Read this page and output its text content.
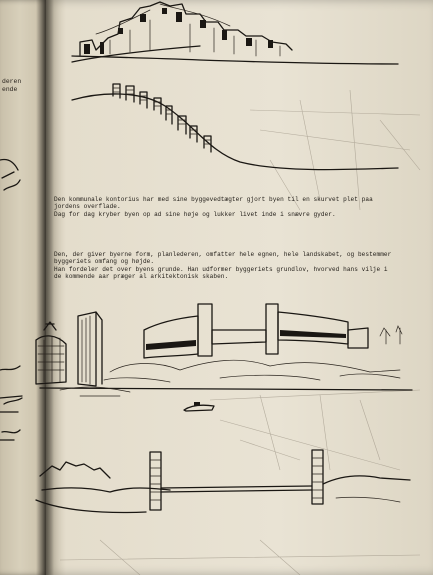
deren
ende

Den kommunale kontorius har med sine byggevedtægter gjort byen til en skurvet plet paa

jordens overflade.

Dag for dag kryber byen op ad sine høje og lukker livet inde i snævre gyder.

Den, der giver byerne form, planlederen, omfatter hele egnen, hele landskabet, og bestemmer

byggeriets omfang og højde.

Han fordeler det over byens grunde. Han udformer byggeriets grundlov, hvorved hans vilje i

de kommende aar præger al arkitektonisk skaben.
